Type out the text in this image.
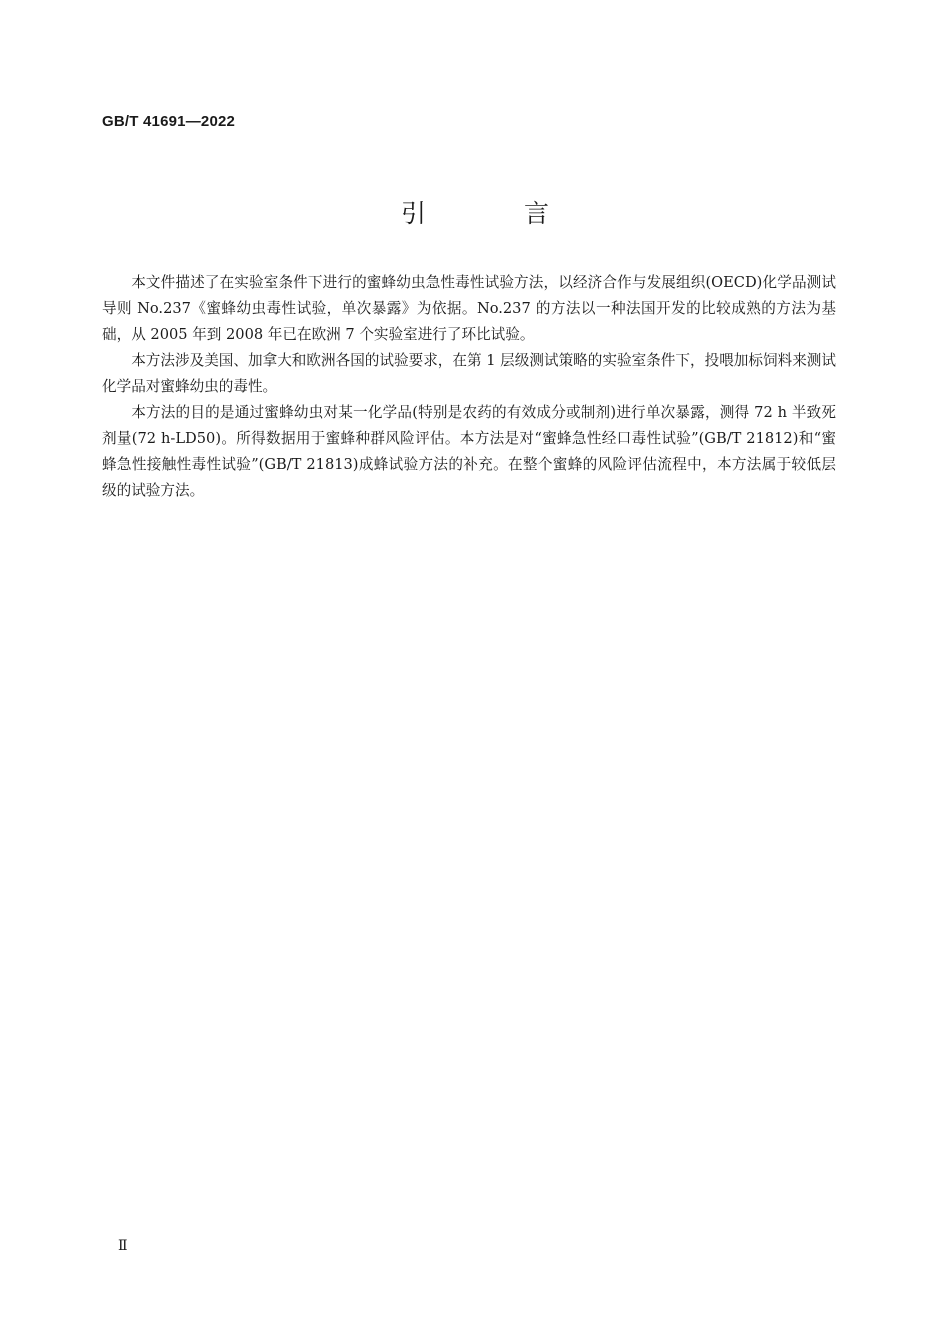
GB/T 41691—2022
引 言

本文件描述了在实验室条件下进行的蜜蜂幼虫急性毒性试验方法，以经济合作与发展组织(OECD)化学品测试导则 No.237《蜜蜂幼虫毒性试验，单次暴露》为依据。No.237 的方法以一种法国开发的比较成熟的方法为基础，从 2005 年到 2008 年已在欧洲 7 个实验室进行了环比试验。

本方法涉及美国、加拿大和欧洲各国的试验要求，在第 1 层级测试策略的实验室条件下，投喂加标饲料来测试化学品对蜜蜂幼虫的毒性。

本方法的目的是通过蜜蜂幼虫对某一化学品(特别是农药的有效成分或制剂)进行单次暴露，测得 72 h 半致死剂量(72 h-LD50)。所得数据用于蜜蜂种群风险评估。本方法是对“蜜蜂急性经口毒性试验”(GB/T 21812)和“蜜蜂急性接触性毒性试验”(GB/T 21813)成蜂试验方法的补充。在整个蜜蜂的风险评估流程中，本方法属于较低层级的试验方法。

Ⅱ
